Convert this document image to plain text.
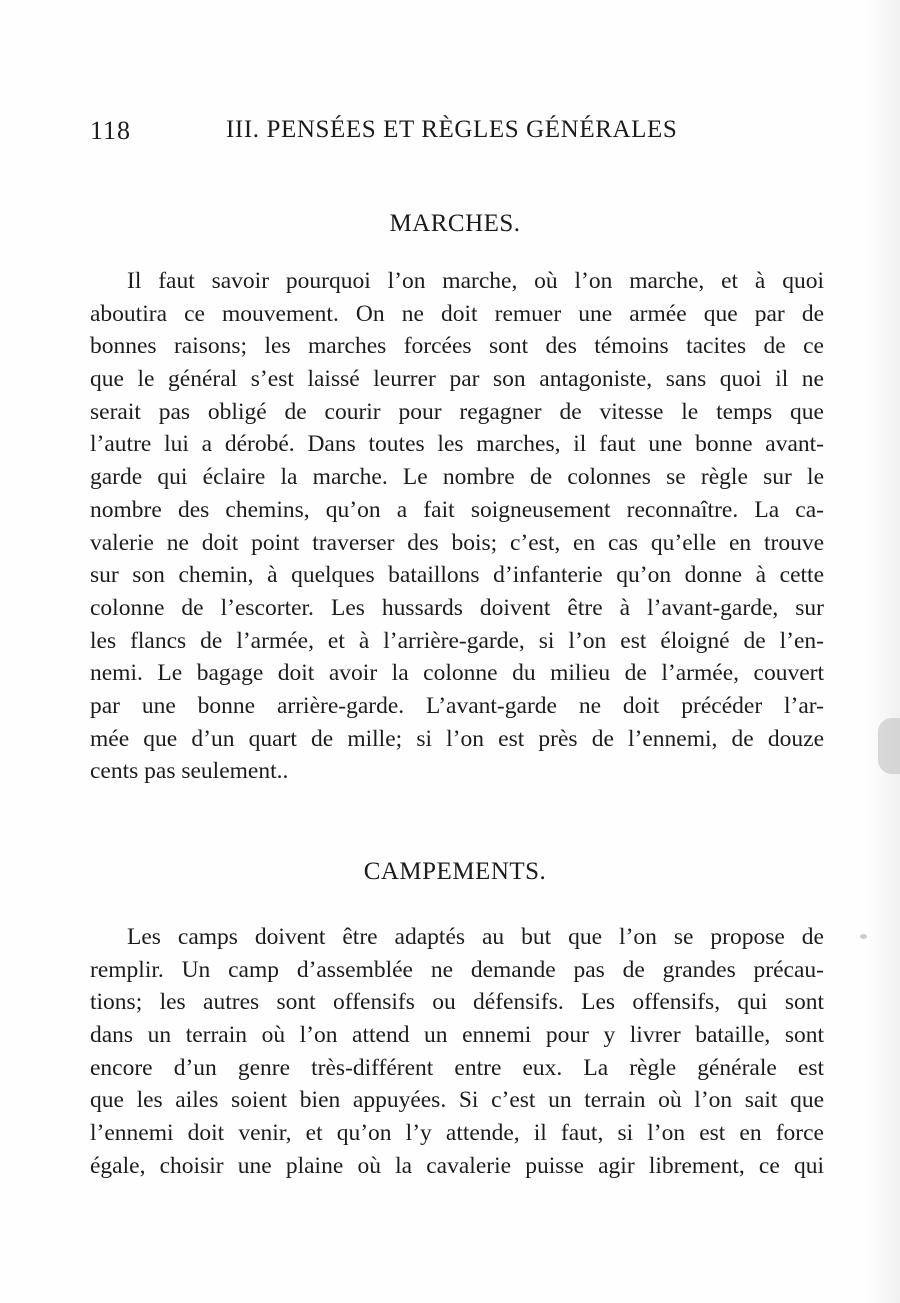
118	III. PENSÉES ET RÈGLES GÉNÉRALES
MARCHES.
Il faut savoir pourquoi l’on marche, où l’on marche, et à quoi
aboutira ce mouvement. On ne doit remuer une armée que par de
bonnes raisons; les marches forcées sont des témoins tacites de ce
que le général s’est laissé leurrer par son antagoniste, sans quoi il ne
serait pas obligé de courir pour regagner de vitesse le temps que
l’autre lui a dérobé. Dans toutes les marches, il faut une bonne avant-
garde qui éclaire la marche. Le nombre de colonnes se règle sur le
nombre des chemins, qu’on a fait soigneusement reconnaître. La ca-
valerie ne doit point traverser des bois; c’est, en cas qu’elle en trouve
sur son chemin, à quelques bataillons d’infanterie qu’on donne à cette
colonne de l’escorter. Les hussards doivent être à l’avant-garde, sur
les flancs de l’armée, et à l’arrière-garde, si l’on est éloigné de l’en-
nemi. Le bagage doit avoir la colonne du milieu de l’armée, couvert
par une bonne arrière-garde. L’avant-garde ne doit précéder l’ar-
mée que d’un quart de mille; si l’on est près de l’ennemi, de douze
cents pas seulement..
CAMPEMENTS.
Les camps doivent être adaptés au but que l’on se propose de
remplir. Un camp d’assemblée ne demande pas de grandes précau-
tions; les autres sont offensifs ou défensifs. Les offensifs, qui sont
dans un terrain où l’on attend un ennemi pour y livrer bataille, sont
encore d’un genre très-différent entre eux. La règle générale est
que les ailes soient bien appuyées. Si c’est un terrain où l’on sait que
l’ennemi doit venir, et qu’on l’y attende, il faut, si l’on est en force
égale, choisir une plaine où la cavalerie puisse agir librement, ce qui
